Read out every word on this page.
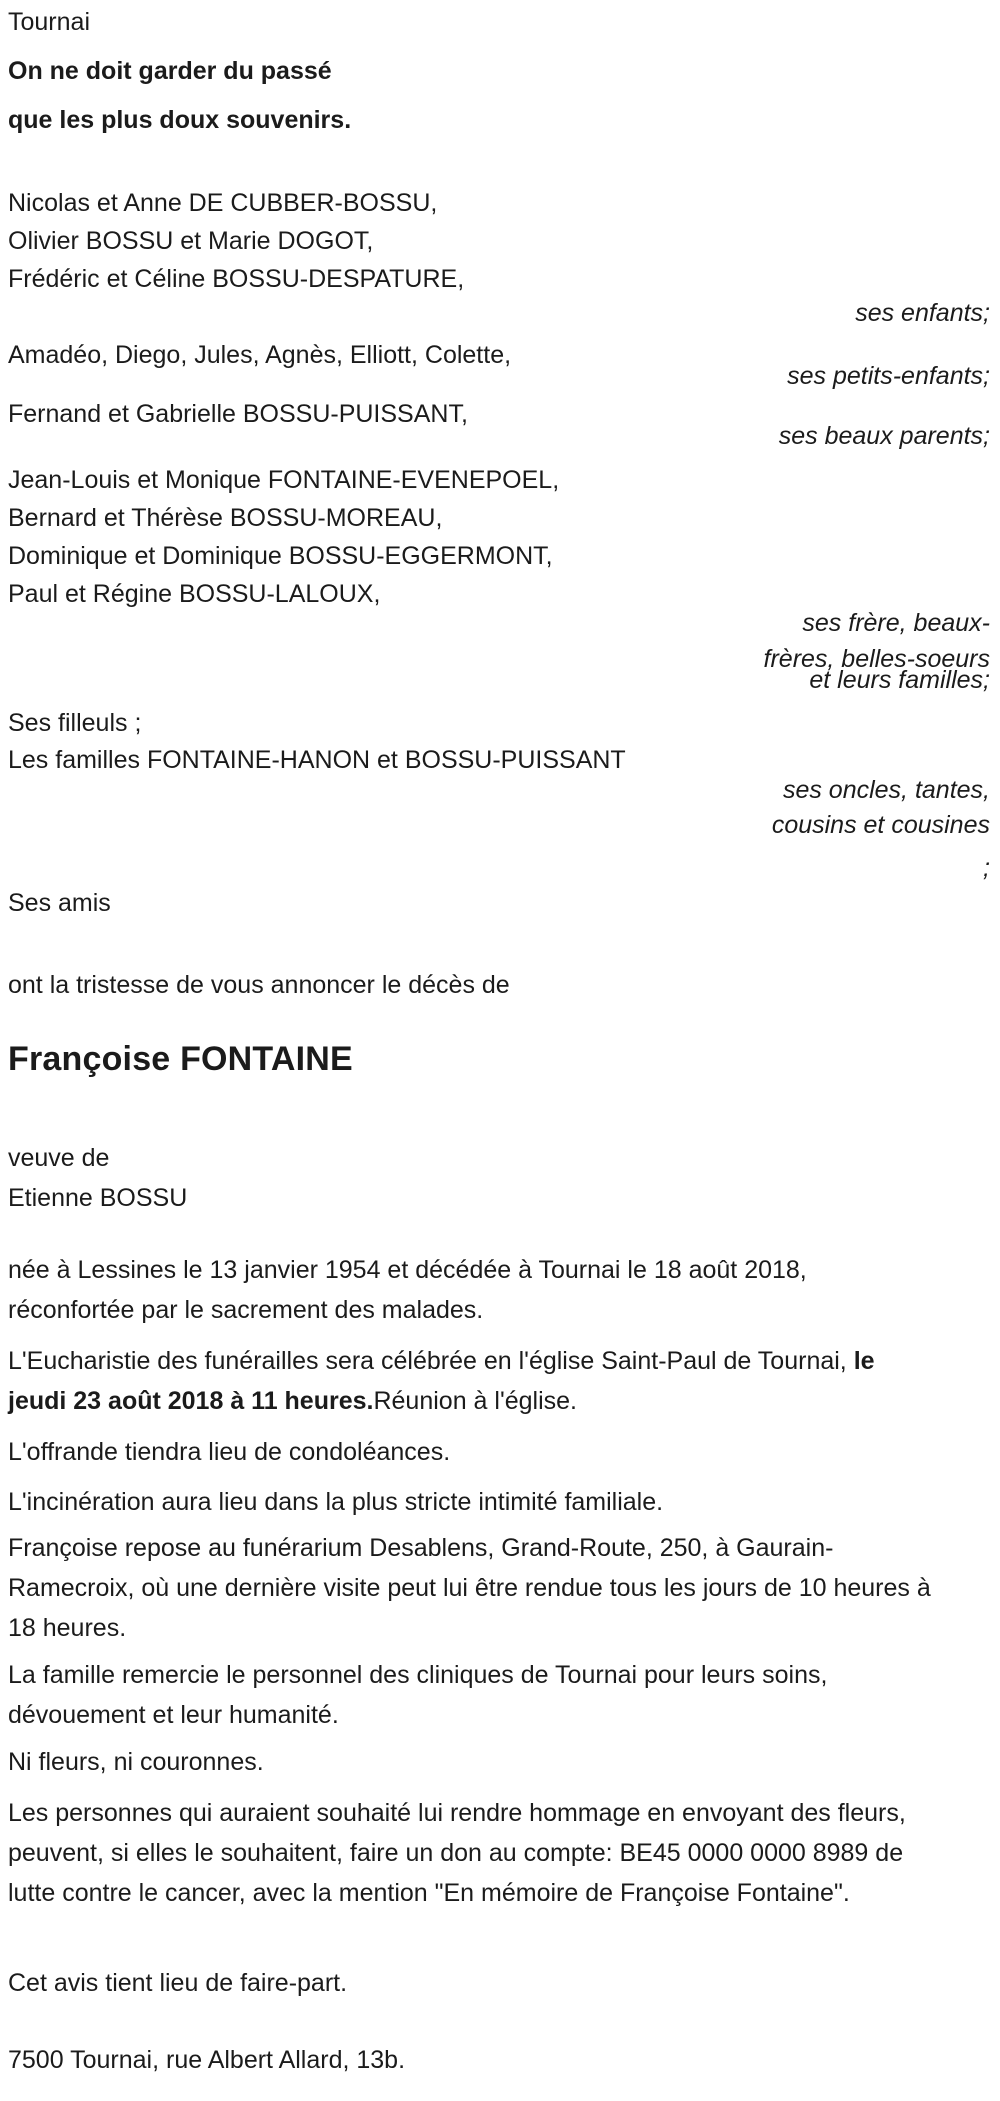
Tournai
On ne doit garder du passé
que les plus doux souvenirs.
Nicolas et Anne DE CUBBER-BOSSU,
Olivier BOSSU et Marie DOGOT,
Frédéric et Céline BOSSU-DESPATURE,
ses enfants;
Amadéo, Diego, Jules, Agnès, Elliott, Colette,
ses petits-enfants;
Fernand et Gabrielle BOSSU-PUISSANT,
ses beaux parents;
Jean-Louis et Monique FONTAINE-EVENEPOEL,
Bernard et Thérèse BOSSU-MOREAU,
Dominique et Dominique BOSSU-EGGERMONT,
Paul et Régine BOSSU-LALOUX,
ses frère, beaux-
frères, belles-soeurs
et leurs familles;
Ses filleuls ;
Les familles FONTAINE-HANON et BOSSU-PUISSANT
ses oncles, tantes,
cousins et cousines
;
Ses amis
ont la tristesse de vous annoncer le décès de
Françoise FONTAINE
veuve de
Etienne BOSSU
née à Lessines le 13 janvier 1954 et décédée à Tournai le 18 août 2018, réconfortée par le sacrement des malades.
L'Eucharistie des funérailles sera célébrée en l'église Saint-Paul de Tournai, le jeudi 23 août 2018 à 11 heures.Réunion à l'église.
L'offrande tiendra lieu de condoléances.
L'incinération aura lieu dans la plus stricte intimité familiale.
Françoise repose au funérarium Desablens, Grand-Route, 250, à Gaurain-Ramecroix, où une dernière visite peut lui être rendue tous les jours de 10 heures à 18 heures.
La famille remercie le personnel des cliniques de Tournai pour leurs soins, dévouement et leur humanité.
Ni fleurs, ni couronnes.
Les personnes qui auraient souhaité lui rendre hommage en envoyant des fleurs, peuvent, si elles le souhaitent, faire un don au compte: BE45 0000 0000 8989 de lutte contre le cancer, avec la mention "En mémoire de Françoise Fontaine".
Cet avis tient lieu de faire-part.
7500 Tournai, rue Albert Allard, 13b.
